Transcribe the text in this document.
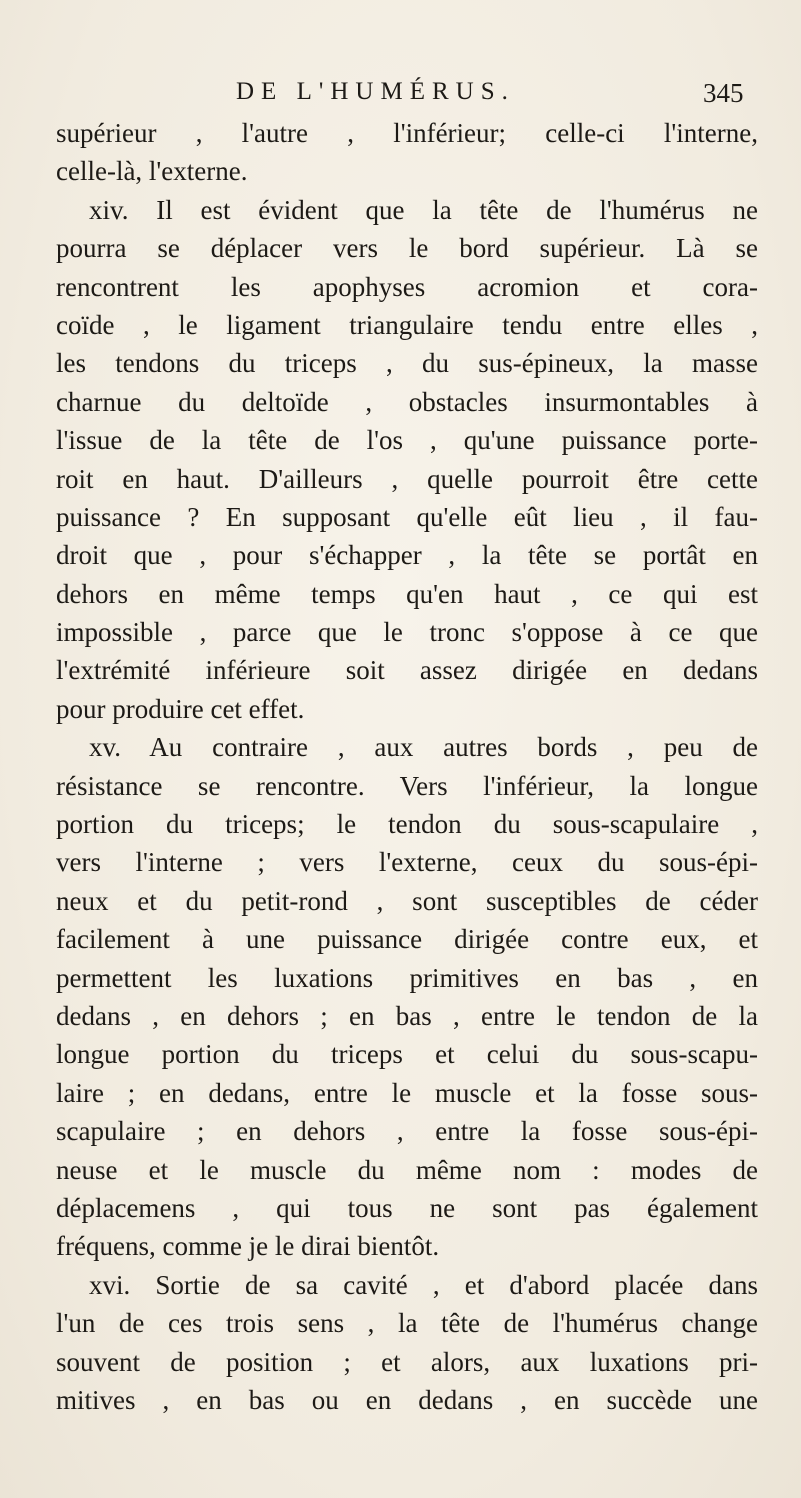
DE L'HUMÉRUS.	345
supérieur , l'autre , l'inférieur; celle-ci l'interne,
celle-là, l'externe.
xiv. Il est évident que la tête de l'humérus ne
pourra se déplacer vers le bord supérieur. Là se
rencontrent les apophyses acromion et cora-
coïde , le ligament triangulaire tendu entre elles ,
les tendons du triceps , du sus-épineux, la masse
charnue du deltoïde , obstacles insurmontables à
l'issue de la tête de l'os , qu'une puissance porte-
roit en haut. D'ailleurs , quelle pourroit être cette
puissance ? En supposant qu'elle eût lieu , il fau-
droit que , pour s'échapper , la tête se portât en
dehors en même temps qu'en haut , ce qui est
impossible , parce que le tronc s'oppose à ce que
l'extrémité inférieure soit assez dirigée en dedans
pour produire cet effet.
xv. Au contraire , aux autres bords , peu de
résistance se rencontre. Vers l'inférieur, la longue
portion du triceps; le tendon du sous-scapulaire ,
vers l'interne ; vers l'externe, ceux du sous-épi-
neux et du petit-rond , sont susceptibles de céder
facilement à une puissance dirigée contre eux, et
permettent les luxations primitives en bas , en
dedans , en dehors ; en bas , entre le tendon de la
longue portion du triceps et celui du sous-scapu-
laire ; en dedans, entre le muscle et la fosse sous-
scapulaire ; en dehors , entre la fosse sous-épi-
neuse et le muscle du même nom : modes de
déplacemens , qui tous ne sont pas également
fréquens, comme je le dirai bientôt.
xvi. Sortie de sa cavité , et d'abord placée dans
l'un de ces trois sens , la tête de l'humérus change
souvent de position ; et alors, aux luxations pri-
mitives , en bas ou en dedans , en succède une
